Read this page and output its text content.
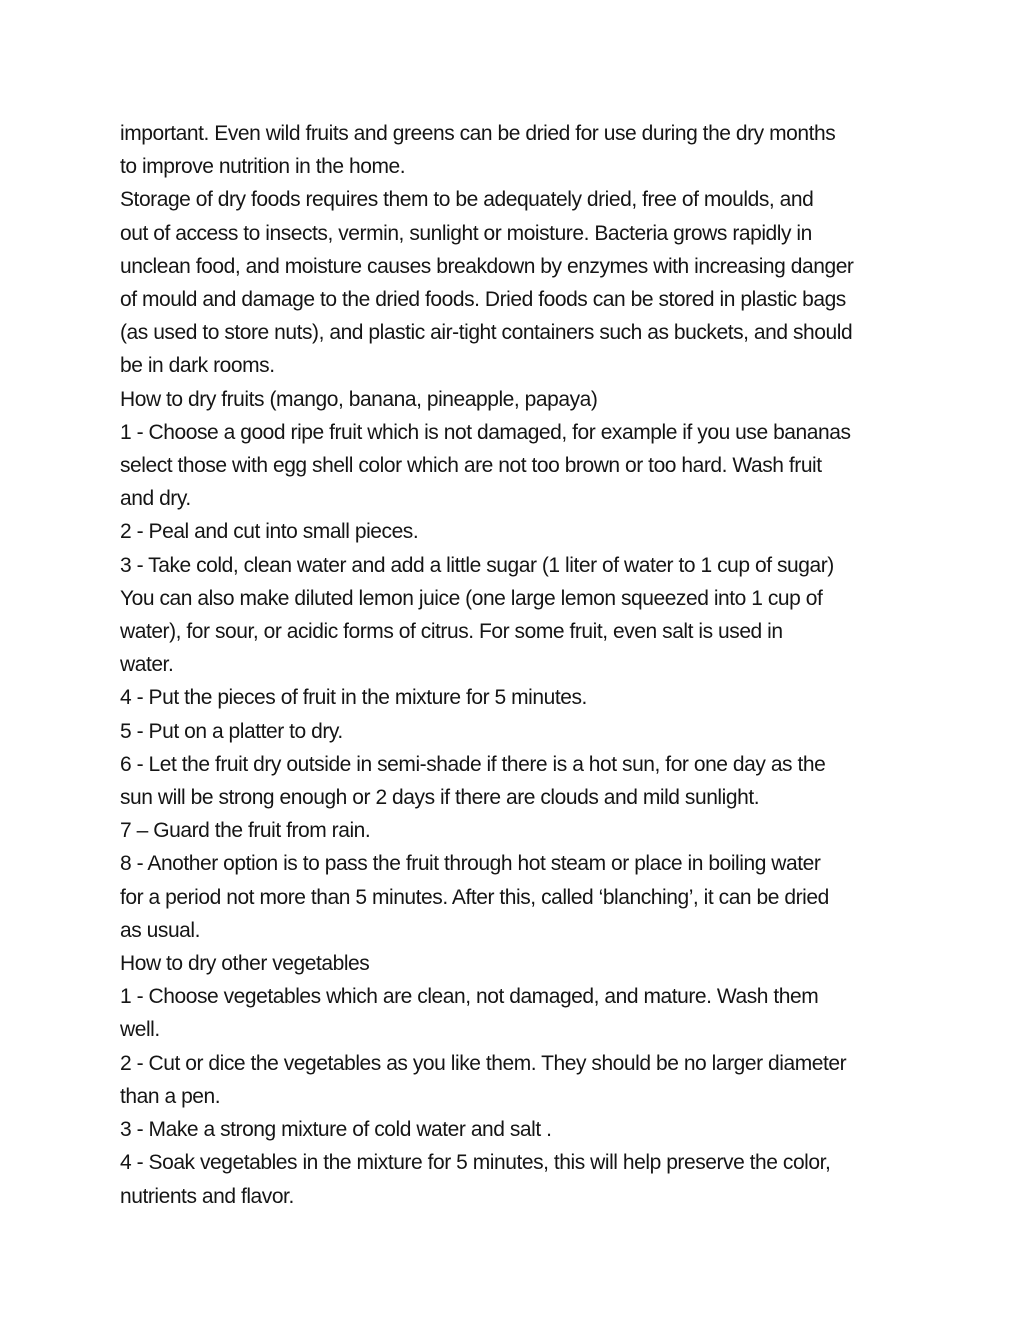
important. Even wild fruits and greens can be dried for use during the dry months
to improve nutrition in the home.
Storage of dry foods requires them to be adequately dried, free of moulds, and
out of access to insects, vermin, sunlight or moisture. Bacteria grows rapidly in
unclean food, and moisture causes breakdown by enzymes with increasing danger
of mould and damage to the dried foods. Dried foods can be stored in plastic bags
(as used to store nuts), and plastic air-tight containers such as buckets, and should
be in dark rooms.
How to dry fruits (mango, banana, pineapple, papaya)
1 - Choose a good ripe fruit which is not damaged, for example if you use bananas
select those with egg shell color which are not too brown or too hard. Wash fruit
and dry.
2 - Peal and cut into small pieces.
3 - Take cold, clean water and add a little sugar (1 liter of water to 1 cup of sugar)
You can also make diluted lemon juice (one large lemon squeezed into 1 cup of
water), for sour, or acidic forms of citrus. For some fruit, even salt is used in
water.
4 - Put the pieces of fruit in the mixture for 5 minutes.
5 - Put on a platter to dry.
6 - Let the fruit dry outside in semi-shade if there is a hot sun, for one day as the
sun will be strong enough or 2 days if there are clouds and mild sunlight.
7 – Guard the fruit from rain.
8 - Another option is to pass the fruit through hot steam or place in boiling water
for a period not more than 5 minutes. After this, called ‘blanching’, it can be dried
as usual.
How to dry other vegetables
1 - Choose vegetables which are clean, not damaged, and mature. Wash them
well.
2 - Cut or dice the vegetables as you like them. They should be no larger diameter
than a pen.
3 - Make a strong mixture of cold water and salt .
4 - Soak vegetables in the mixture for 5 minutes, this will help preserve the color,
nutrients and flavor.
